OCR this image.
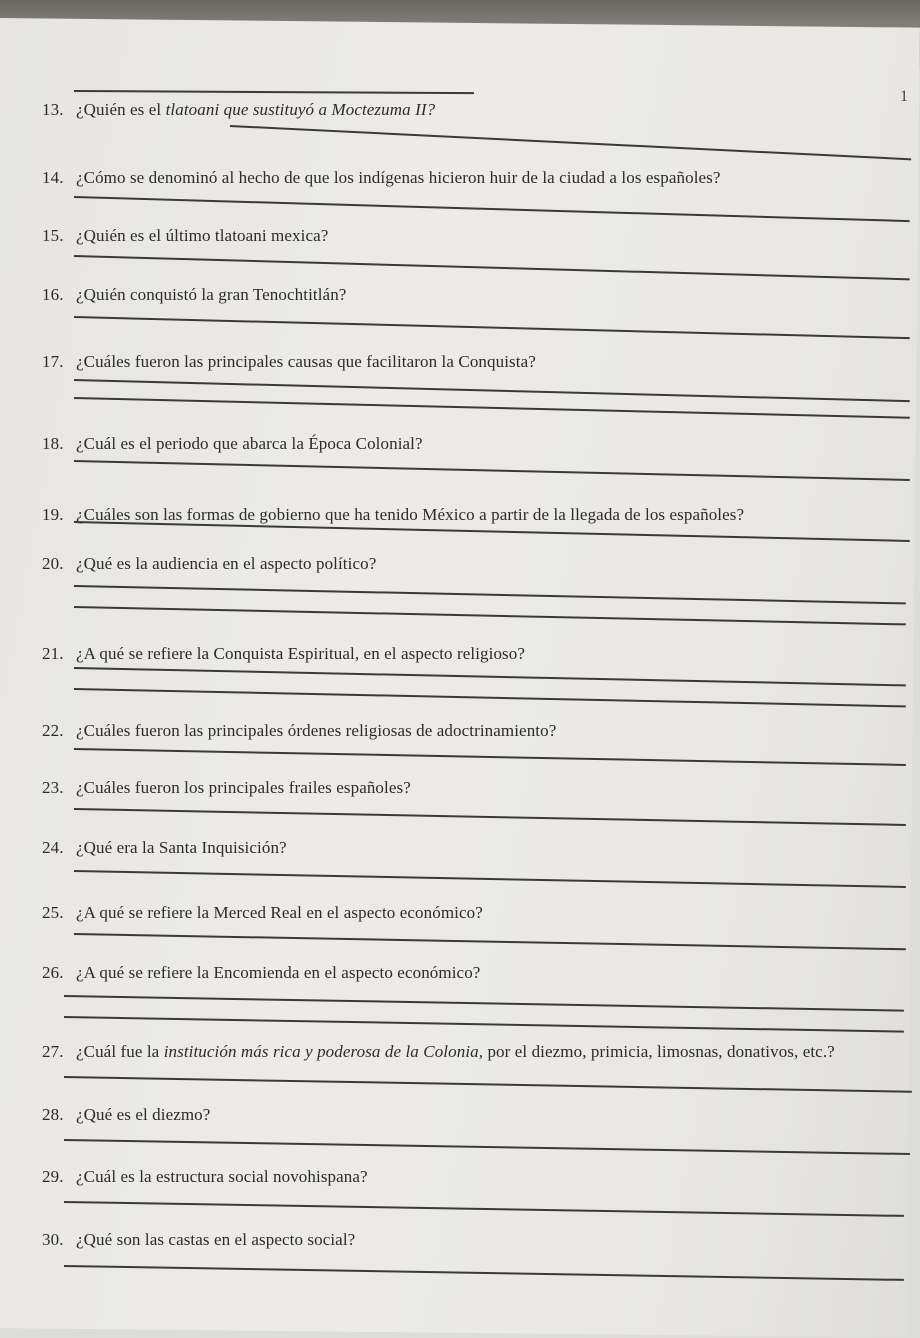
1
13. ¿Quién es el tlatoani que sustituyó a Moctezuma II?
14. ¿Cómo se denominó al hecho de que los indígenas hicieron huir de la ciudad a los españoles?
15. ¿Quién es el último tlatoani mexica?
16. ¿Quién conquistó la gran Tenochtitlán?
17. ¿Cuáles fueron las principales causas que facilitaron la Conquista?
18. ¿Cuál es el periodo que abarca la Época Colonial?
19. ¿Cuáles son las formas de gobierno que ha tenido México a partir de la llegada de los españoles?
20. ¿Qué es la audiencia en el aspecto político?
21. ¿A qué se refiere la Conquista Espiritual, en el aspecto religioso?
22. ¿Cuáles fueron las principales órdenes religiosas de adoctrinamiento?
23. ¿Cuáles fueron los principales frailes españoles?
24. ¿Qué era la Santa Inquisición?
25. ¿A qué se refiere la Merced Real en el aspecto económico?
26. ¿A qué se refiere la Encomienda en el aspecto económico?
27. ¿Cuál fue la institución más rica y poderosa de la Colonia, por el diezmo, primicia, limosnas, donativos, etc.?
28. ¿Qué es el diezmo?
29. ¿Cuál es la estructura social novohispana?
30. ¿Qué son las castas en el aspecto social?
